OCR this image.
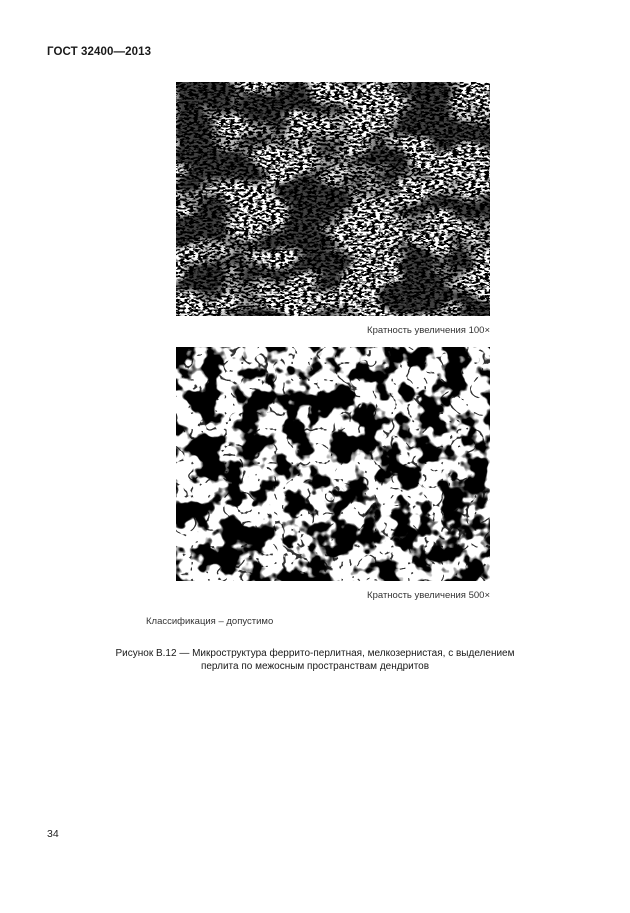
ГОСТ 32400—2013
Кратность увеличения 100×
Кратность увеличения 500×
Классификация – допустимо
Рисунок В.12 — Микроструктура феррито-перлитная, мелкозернистая, с выделением
перлита по межосным пространствам дендритов
34
